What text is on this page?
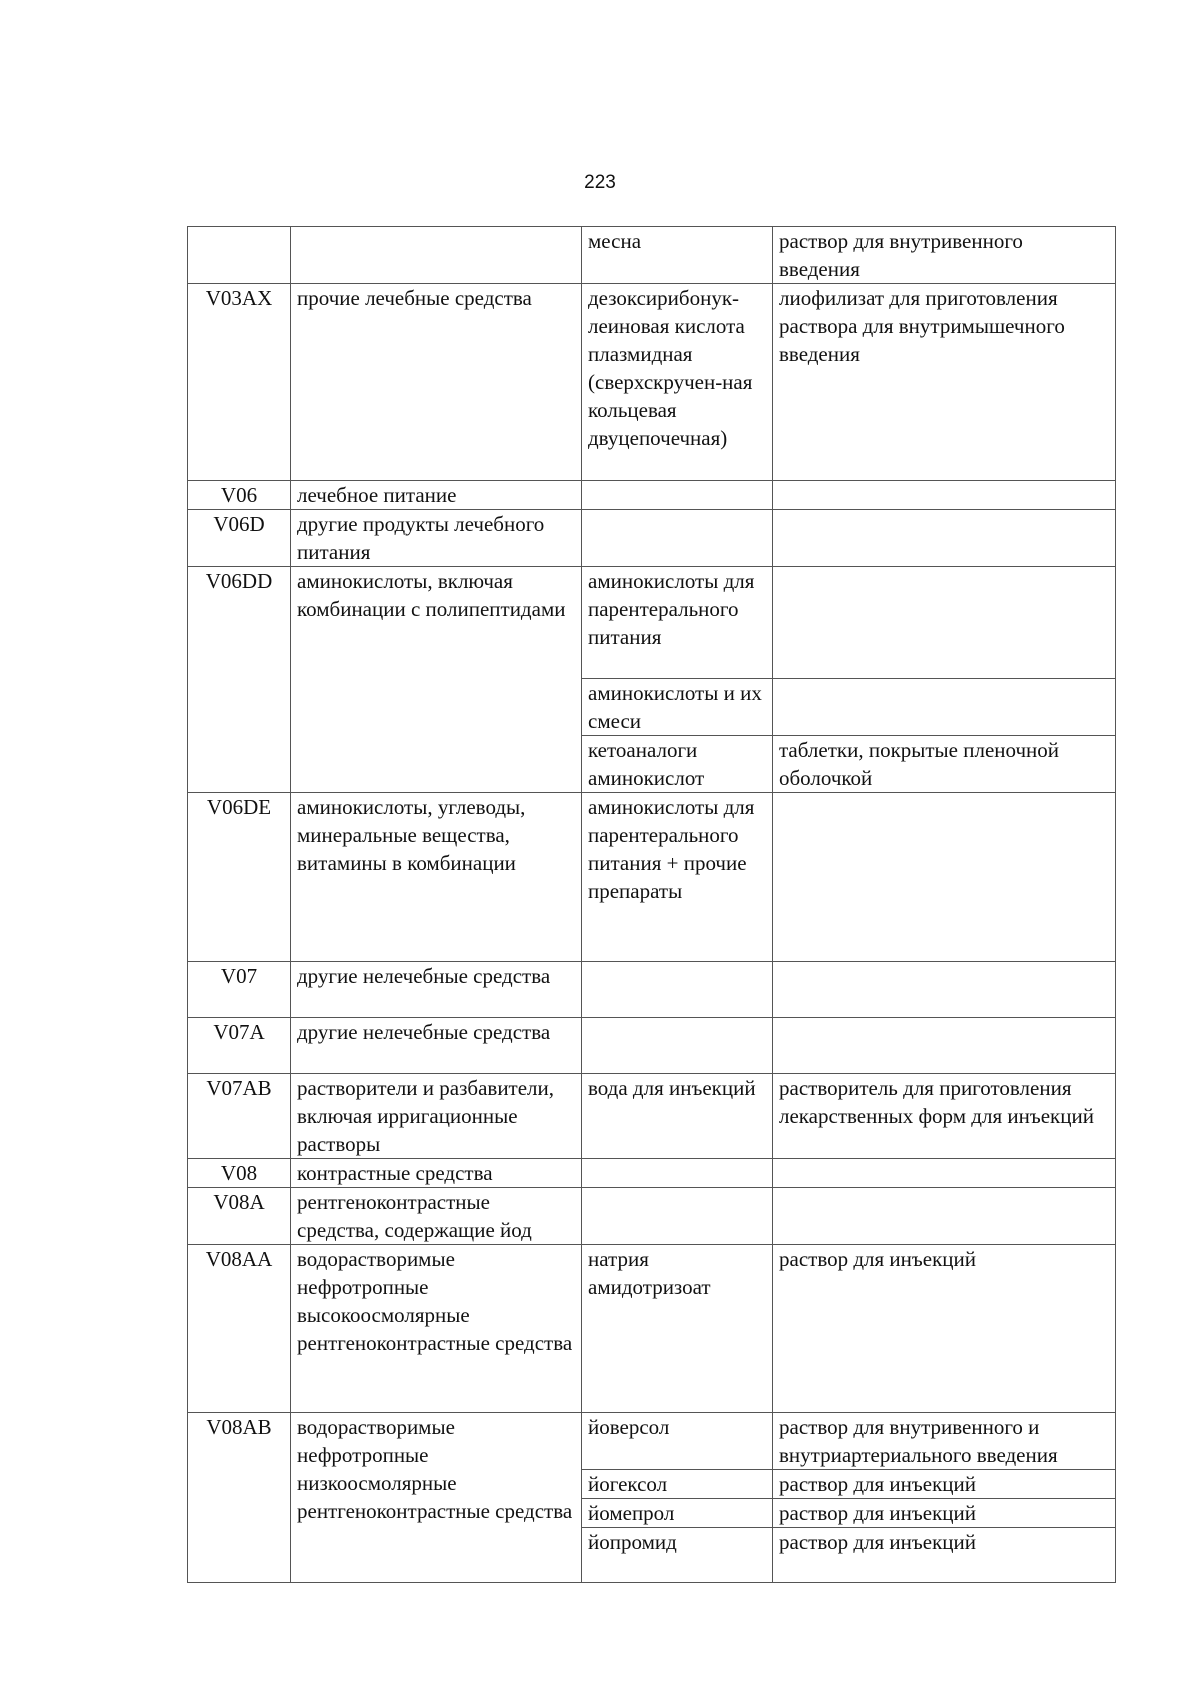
223
		месна	раствор для внутривенного введения
V03AX	прочие лечебные средства	дезоксирибонук-леиновая кислота плазмидная (сверхскручен-ная кольцевая двуцепочечная)	лиофилизат для приготовления раствора для внутримышечного введения
V06	лечебное питание		
V06D	другие продукты лечебного питания		
V06DD	аминокислоты, включая комбинации с полипептидами	аминокислоты для парентерального питания	
		аминокислоты и их смеси	
		кетоаналоги аминокислот	таблетки, покрытые пленочной оболочкой
V06DE	аминокислоты, углеводы, минеральные вещества, витамины в комбинации	аминокислоты для парентерального питания + прочие препараты	
V07	другие нелечебные средства		
V07A	другие нелечебные средства		
V07AB	растворители и разбавители, включая ирригационные растворы	вода для инъекций	растворитель для приготовления лекарственных форм для инъекций
V08	контрастные средства		
V08A	рентгеноконтрастные средства, содержащие йод		
V08AA	водорастворимые нефротропные высокоосмолярные рентгеноконтрастные средства	натрия амидотризоат	раствор для инъекций
V08AB	водорастворимые нефротропные низкоосмолярные рентгеноконтрастные средства	йоверсол	раствор для внутривенного и внутриартериального введения
		йогексол	раствор для инъекций
		йомепрол	раствор для инъекций
		йопромид	раствор для инъекций
